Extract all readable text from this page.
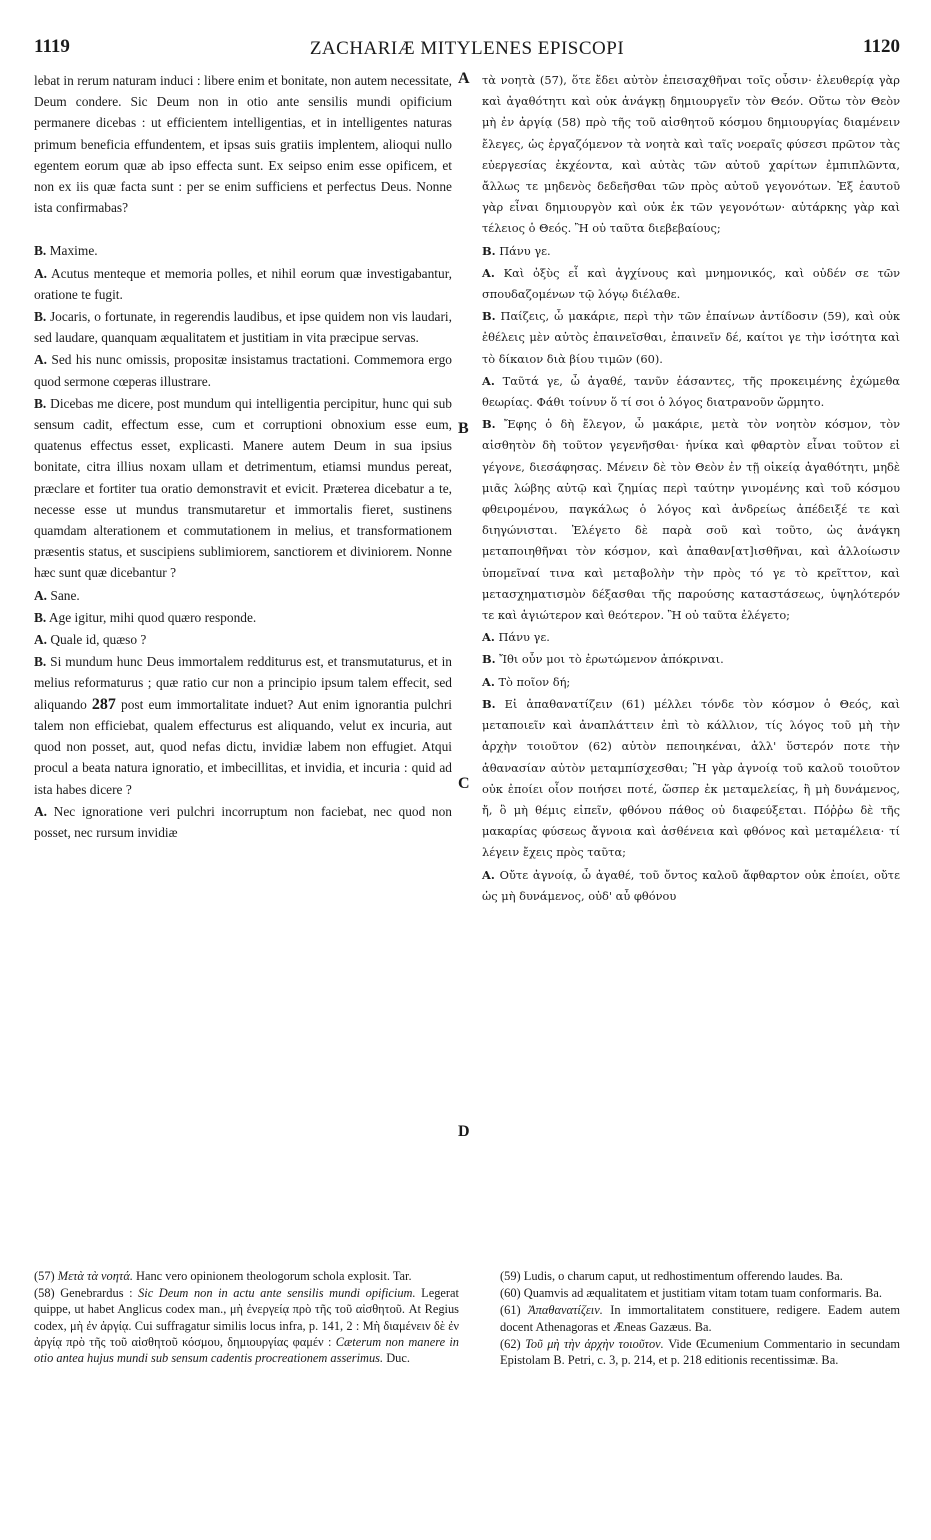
1119	ZACHARIÆ MITYLENES EPISCOPI	1120
A
B
C
D

lebat in rerum naturam induci : libere enim et bonitate, non autem necessitate, Deum condere. Sic Deum non in otio ante sensilis mundi opificium permanere dicebas : ut efficientem intelligentias, et in intelligentes naturas primum beneficia effundentem, et ipsas suis gratiis implentem, alioqui nullo egentem eorum quæ ab ipso effecta sunt. Ex seipso enim esse opificem, et non ex iis quæ facta sunt : per se enim sufficiens et perfectus Deus. Nonne ista confirmabas?

B. Maxime.

A. Acutus menteque et memoria polles, et nihil eorum quæ investigabantur, oratione te fugit.

B. Jocaris, o fortunate, in regerendis laudibus, et ipse quidem non vis laudari, sed laudare, quanquam æqualitatem et justitiam in vita præcipue servas.

A. Sed his nunc omissis, propositæ insistamus tractationi. Commemora ergo quod sermone cœperas illustrare.

B. Dicebas me dicere, post mundum qui intelligentia percipitur, hunc qui sub sensum cadit, effectum esse, cum et corruptioni obnoxium esse eum, quatenus effectus esset, explicasti. Manere autem Deum in sua ipsius bonitate, citra illius noxam ullam et detrimentum, etiamsi mundus pereat, præclare et fortiter tua oratio demonstravit et evicit. Præterea dicebatur a te, necesse esse ut mundus transmutaretur et immortalis fieret, sustinens quamdam alterationem et commutationem in melius, et transformationem præsentis status, et suscipiens sublimiorem, sanctiorem et diviniorem. Nonne hæc sunt quæ dicebantur ?

A. Sane.

B. Age igitur, mihi quod quæro responde.

A. Quale id, quæso ?

B. Si mundum hunc Deus immortalem redditurus est, et transmutaturus, et in melius reformaturus ; quæ ratio cur non a principio ipsum talem effecit, sed aliquando 287 post eum immortalitate induet? Aut enim ignorantia pulchri talem non efficiebat, qualem effecturus est aliquando, velut ex incuria, aut quod non posset, aut, quod nefas dictu, invidiæ labem non effugiet. Atqui procul a beata natura ignoratio, et imbecillitas, et invidia, et incuria : quid ad ista habes dicere ?

A. Nec ignoratione veri pulchri incorruptum non faciebat, nec quod non posset, nec rursum invidiæ

τὰ νοητὰ (57), ὅτε ἔδει αὐτὸν ἐπεισαχθῆναι τοῖς οὖσιν· ἐλευθερίᾳ γὰρ καὶ ἀγαθότητι καὶ οὐκ ἀνάγκῃ δημιουργεῖν τὸν Θεόν. Οὕτω τὸν Θεὸν μὴ ἐν ἀργίᾳ (58) πρὸ τῆς τοῦ αἰσθητοῦ κόσμου δημιουργίας διαμένειν ἔλεγες, ὡς ἐργαζόμενον τὰ νοητὰ καὶ ταῖς νοεραῖς φύσεσι πρῶτον τὰς εὐεργεσίας ἐκχέοντα, καὶ αὐτὰς τῶν αὐτοῦ χαρίτων ἐμπιπλῶντα, ἄλλως τε μηδενὸς δεδεῆσθαι τῶν πρὸς αὐτοῦ γεγονότων. Ἐξ ἑαυτοῦ γὰρ εἶναι δημιουργὸν καὶ οὐκ ἐκ τῶν γεγονότων· αὐτάρκης γὰρ καὶ τέλειος ὁ Θεός. Ἢ οὐ ταῦτα διεβεβαίους;

Β. Πάνυ γε.

Α. Καὶ ὀξὺς εἶ καὶ ἀγχίνους καὶ μνημονικός, καὶ οὐδέν σε τῶν σπουδαζομένων τῷ λόγῳ διέλαθε.

Β. Παίζεις, ὦ μακάριε, περὶ τὴν τῶν ἐπαίνων ἀντίδοσιν (59), καὶ οὐκ ἐθέλεις μὲν αὐτὸς ἐπαινεῖσθαι, ἐπαινεῖν δέ, καίτοι γε τὴν ἰσότητα καὶ τὸ δίκαιον διὰ βίου τιμῶν (60).

Α. Ταῦτά γε, ὦ ἀγαθέ, τανῦν ἐάσαντες, τῆς προκειμένης ἐχώμεθα θεωρίας. Φάθι τοίνυν ὅ τί σοι ὁ λόγος διατρανοῦν ὥρμητο.

Β. Ἔφης ὁ δὴ ἔλεγον, ὦ μακάριε, μετὰ τὸν νοητὸν κόσμον, τὸν αἰσθητὸν δὴ τοῦτον γεγενῆσθαι· ἡνίκα καὶ φθαρτὸν εἶναι τοῦτον εἰ γέγονε, διεσάφησας. Μένειν δὲ τὸν Θεὸν ἐν τῇ οἰκείᾳ ἀγαθότητι, μηδὲ μιᾶς λώβης αὐτῷ καὶ ζημίας περὶ ταύτην γινομένης καὶ τοῦ κόσμου φθειρομένου, παγκάλως ὁ λόγος καὶ ἀνδρείως ἀπέδειξέ τε καὶ διηγώνισται. Ἐλέγετο δὲ παρὰ σοῦ καὶ τοῦτο, ὡς ἀνάγκη μεταποιηθῆναι τὸν κόσμον, καὶ ἀπαθαν[ατ]ισθῆναι, καὶ ἀλλοίωσιν ὑπομεῖναί τινα καὶ μεταβολὴν τὴν πρὸς τό γε τὸ κρεῖττον, καὶ μετασχηματισμὸν δέξασθαι τῆς παρούσης καταστάσεως, ὑψηλότερόν τε καὶ ἁγιώτερον καὶ θεότερον. Ἢ οὐ ταῦτα ἐλέγετο;

Α. Πάνυ γε.

Β. Ἴθι οὖν μοι τὸ ἐρωτώμενον ἀπόκριναι.

Α. Τὸ ποῖον δή;

Β. Εἰ ἀπαθανατίζειν (61) μέλλει τόνδε τὸν κόσμον ὁ Θεός, καὶ μεταποιεῖν καὶ ἀναπλάττειν ἐπὶ τὸ κάλλιον, τίς λόγος τοῦ μὴ τὴν ἀρχὴν τοιοῦτον (62) αὐτὸν πεποιηκέναι, ἀλλ' ὕστερόν ποτε τὴν ἀθανασίαν αὐτὸν μεταμπίσχεσθαι; Ἢ γὰρ ἀγνοίᾳ τοῦ καλοῦ τοιοῦτον οὐκ ἐποίει οἷον ποιήσει ποτέ, ὥσπερ ἐκ μεταμελείας, ἢ μὴ δυνάμενος, ἤ, ὃ μὴ θέμις εἰπεῖν, φθόνου πάθος οὐ διαφεύξεται. Πόῤῥω δὲ τῆς μακαρίας φύσεως ἄγνοια καὶ ἀσθένεια καὶ φθόνος καὶ μεταμέλεια· τί λέγειν ἔχεις πρὸς ταῦτα;

Α. Οὔτε ἀγνοίᾳ, ὦ ἀγαθέ, τοῦ ὄντος καλοῦ ἄφθαρτον οὐκ ἐποίει, οὔτε ὡς μὴ δυνάμενος, οὐδ' αὖ φθόνου

(57) Μετὰ τὰ νοητά. Hanc vero opinionem theologorum schola explosit. Tar.

(58) Genebrardus : Sic Deum non in actu ante sensilis mundi opificium. Legerat quippe, ut habet Anglicus codex man., μὴ ἐνεργείᾳ πρὸ τῆς τοῦ αἰσθητοῦ. At Regius codex, μὴ ἐν ἀργίᾳ. Cui suffragatur similis locus infra, p. 141, 2 : Μὴ διαμένειν δὲ ἐν ἀργίᾳ πρὸ τῆς τοῦ αἰσθητοῦ κόσμου, δημιουργίας φαμέν : Cæterum non manere in otio antea hujus mundi sub sensum cadentis procreationem asserimus. Duc.

(59) Ludis, o charum caput, ut redhostimentum offerendo laudes. Ba.

(60) Quamvis ad æqualitatem et justitiam vitam totam tuam conformaris. Ba.

(61) Ἀπαθανατίζειν. In immortalitatem constituere, redigere. Eadem autem docent Athenagoras et Æneas Gazæus. Ba.

(62) Τοῦ μὴ τὴν ἀρχὴν τοιοῦτον. Vide Œcumenium Commentario in secundam Epistolam B. Petri, c. 3, p. 214, et p. 218 editionis recentissimæ. Ba.
